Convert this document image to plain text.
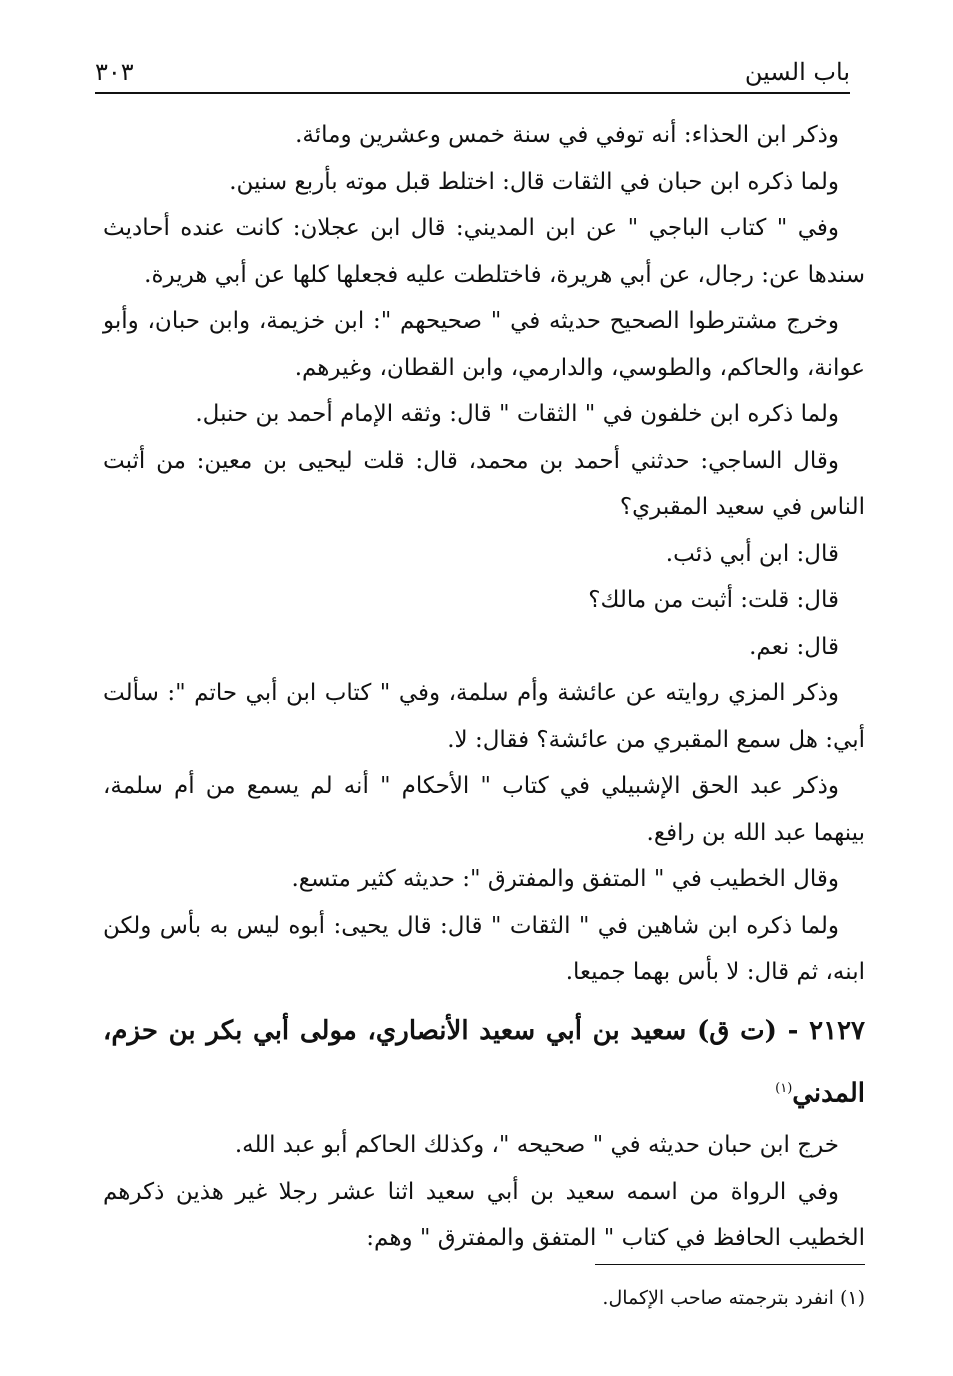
باب السين
٣٠٣

وذكر ابن الحذاء: أنه توفي في سنة خمس وعشرين ومائة.

ولما ذكره ابن حبان في الثقات قال: اختلط قبل موته بأربع سنين.

وفي " كتاب الباجي " عن ابن المديني: قال ابن عجلان: كانت عنده أحاديث سندها عن: رجال، عن أبي هريرة، فاختلطت عليه فجعلها كلها عن أبي هريرة.

وخرج مشترطوا الصحيح حديثه في " صحيحهم ": ابن خزيمة، وابن حبان، وأبو عوانة، والحاكم، والطوسي، والدارمي، وابن القطان، وغيرهم.

ولما ذكره ابن خلفون في " الثقات " قال: وثقه الإمام أحمد بن حنبل.

وقال الساجي: حدثني أحمد بن محمد، قال: قلت ليحيى بن معين: من أثبت الناس في سعيد المقبري؟

قال: ابن أبي ذئب.

قال: قلت: أثبت من مالك؟

قال: نعم.

وذكر المزي روايته عن عائشة وأم سلمة، وفي " كتاب ابن أبي حاتم ": سألت أبي: هل سمع المقبري من عائشة؟ فقال: لا.

وذكر عبد الحق الإشبيلي في كتاب " الأحكام " أنه لم يسمع من أم سلمة، بينهما عبد الله بن رافع.

وقال الخطيب في " المتفق والمفترق ": حديثه كثير متسع.

ولما ذكره ابن شاهين في " الثقات " قال: قال يحيى: أبوه ليس به بأس ولكن ابنه، ثم قال: لا بأس بهما جميعا.

٢١٢٧ - (ت ق) سعيد بن أبي سعيد الأنصاري، مولى أبي بكر بن حزم، المدني$^{(١)}$

خرج ابن حبان حديثه في " صحيحه "، وكذلك الحاكم أبو عبد الله.

وفي الرواة من اسمه سعيد بن أبي سعيد اثنا عشر رجلا غير هذين ذكرهم الخطيب الحافظ في كتاب " المتفق والمفترق " وهم:

(١) انفرد بترجمته صاحب الإكمال.
